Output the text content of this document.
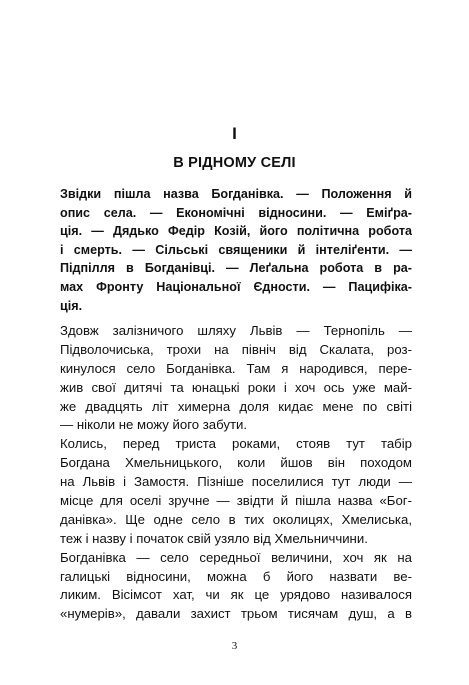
I
В РІДНОМУ СЕЛІ
Звідки пішла назва Богданівка. — Положення й
опис села. — Економічні відносини. — Еміґра-
ція. — Дядько Федір Козій, його політична робота
і смерть. — Сільські священики й інтеліґенти. —
Підпілля в Богданівці. — Леґальна робота в ра-
мах Фронту Національної Єдности. — Пацифіка-
ція.
Здовж залізничого шляху Львів — Тернопіль —
Підволочиська, трохи на північ від Скалата, роз-
кинулося село Богданівка. Там я народився, пере-
жив свої дитячі та юнацькі роки і хоч ось уже май-
же двадцять літ химерна доля кидає мене по світі
— ніколи не можу його забути.
Колись, перед триста роками, стояв тут табір
Богдана Хмельницького, коли йшов він походом
на Львів і Замостя. Пізніше поселилися тут люди —
місце для оселі зручне — звідти й пішла назва «Бог-
данівка». Ще одне село в тих околицях, Хмелиська,
теж і назву і початок свій узяло від Хмельниччини.
Богданівка — село середньої величини, хоч як на
галицькі відносини, можна б його назвати ве-
ликим. Вісімсот хат, чи як це урядово називалося
«нумерів», давали захист трьом тисячам душ, а в
3
